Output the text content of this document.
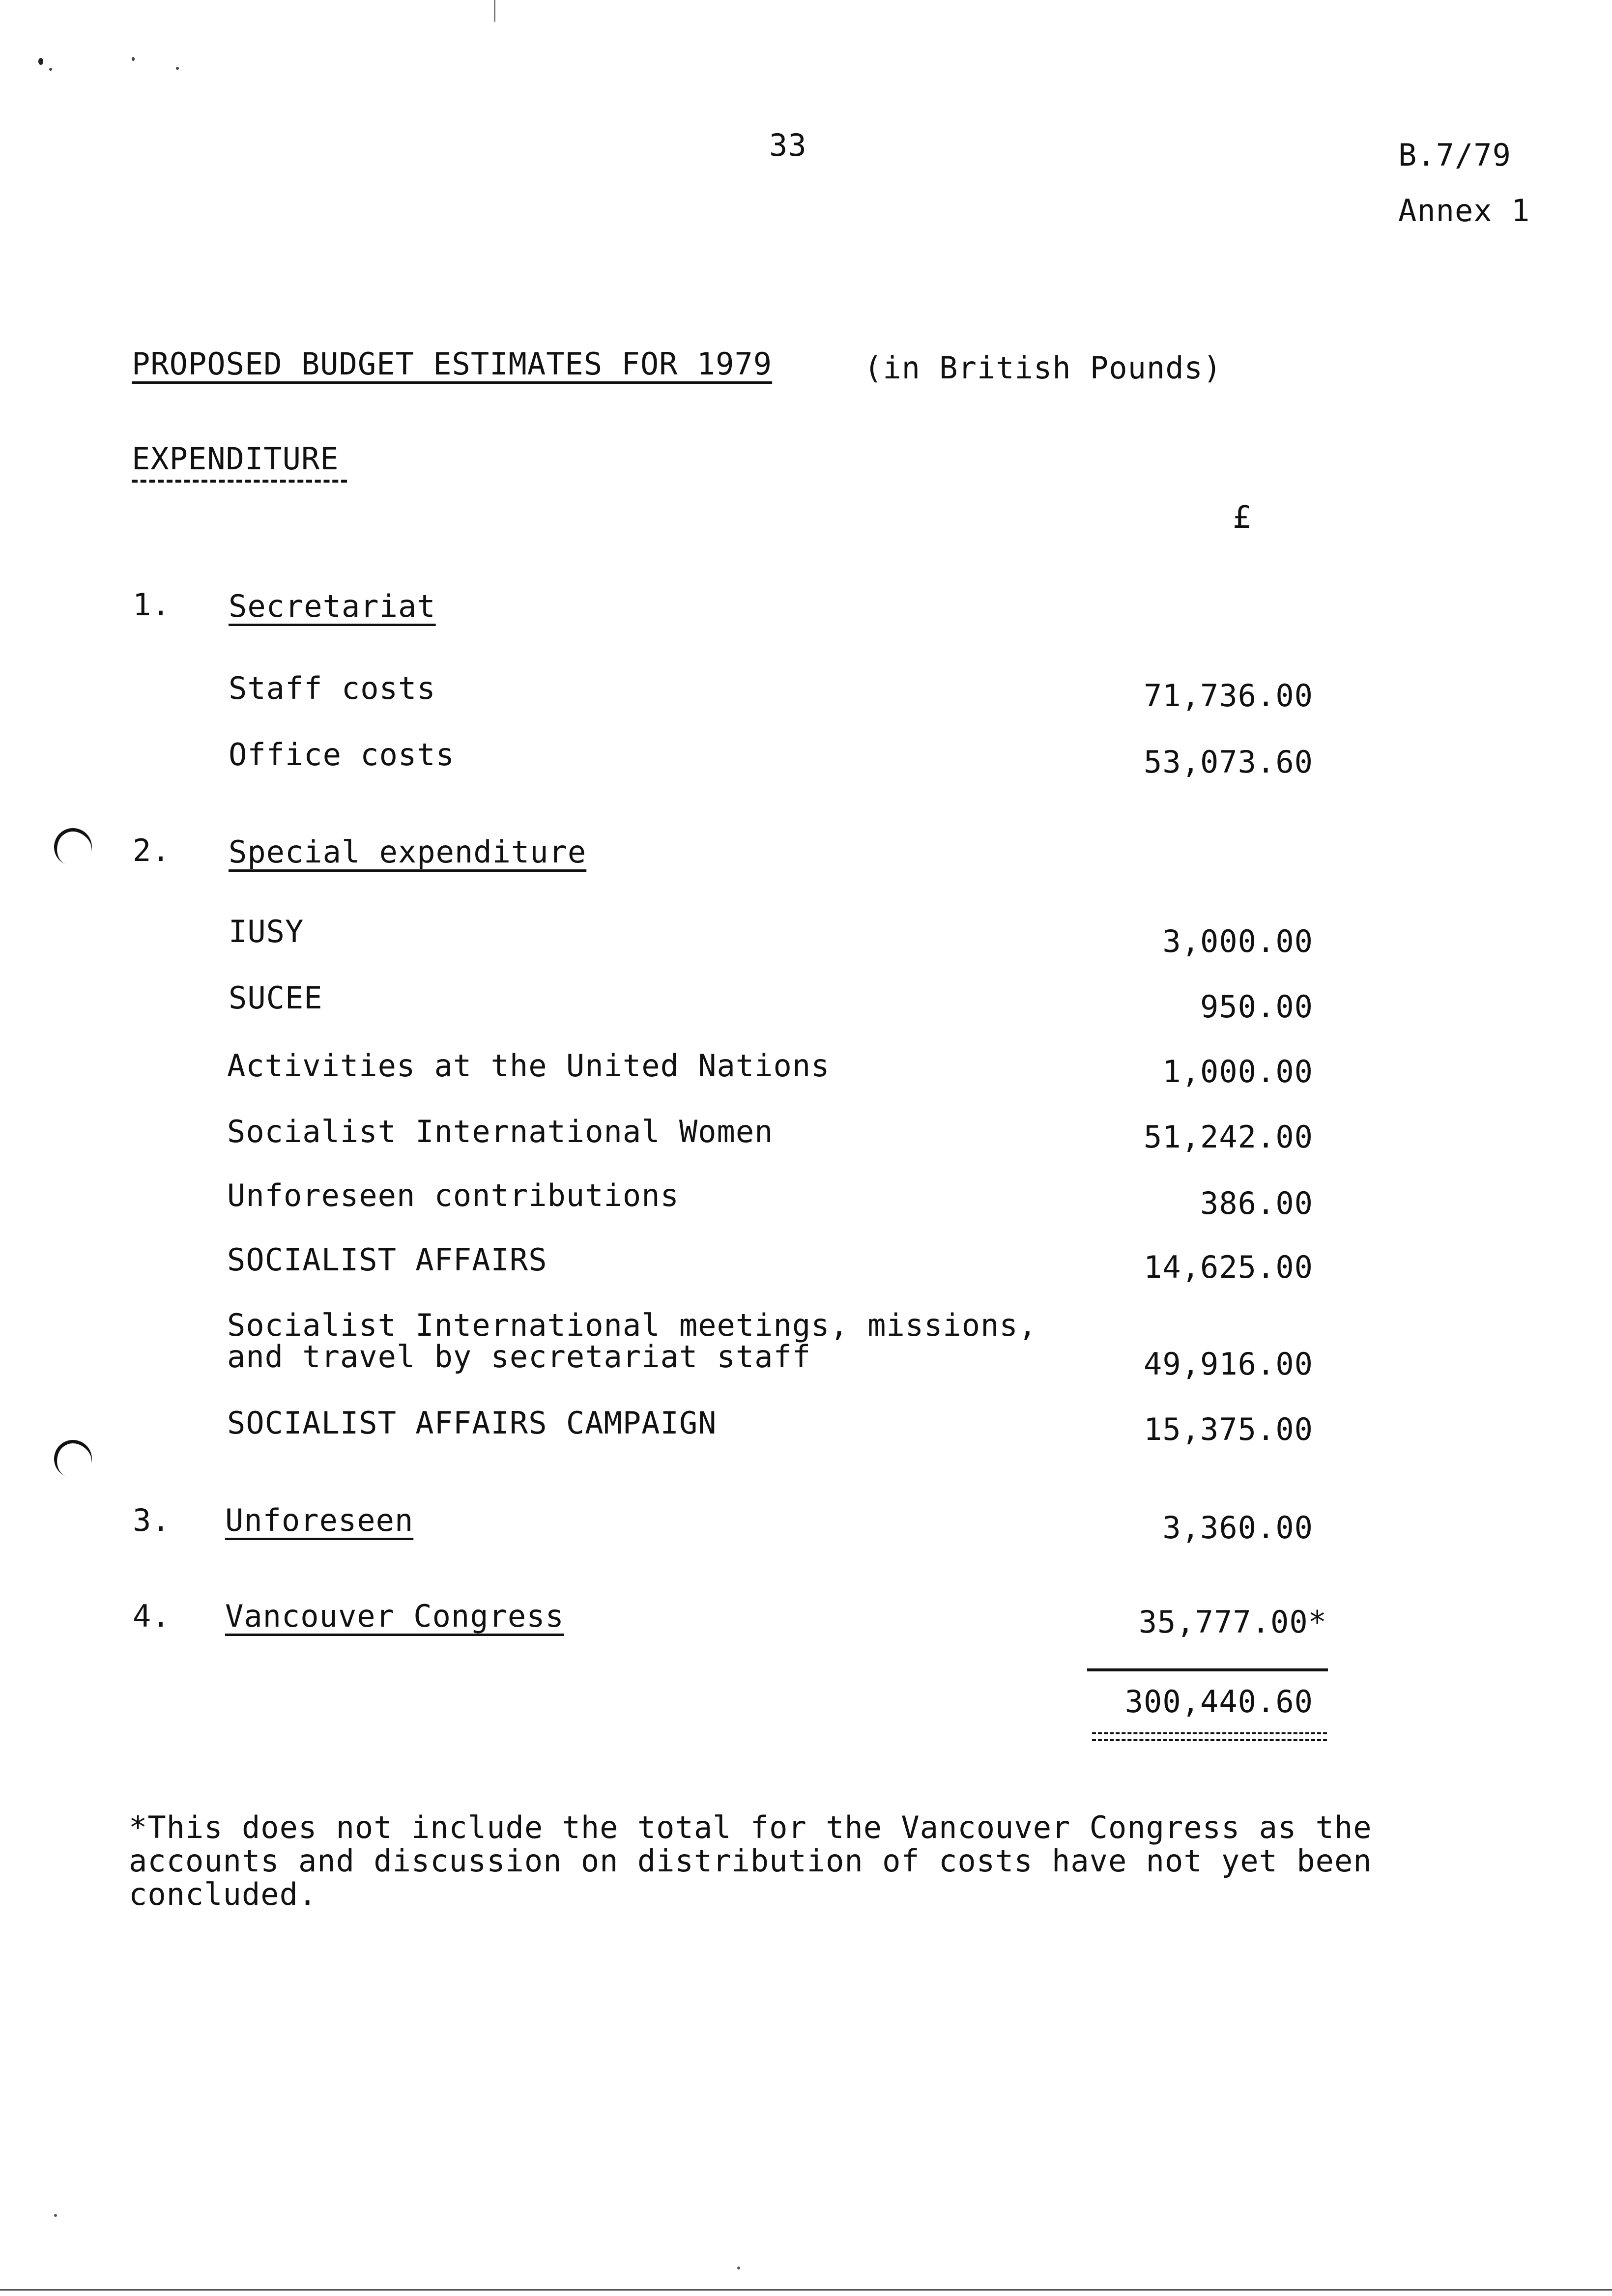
33	B.7/79
Annex 1
PROPOSED BUDGET ESTIMATES FOR 1979	(in British Pounds)
EXPENDITURE
£
1. Secretariat
Staff costs	71,736.00
Office costs	53,073.60
2. Special expenditure
IUSY	3,000.00
SUCEE	950.00
Activities at the United Nations	1,000.00
Socialist International Women	51,242.00
Unforeseen contributions	386.00
SOCIALIST AFFAIRS	14,625.00
Socialist International meetings, missions,
and travel by secretariat staff	49,916.00
SOCIALIST AFFAIRS CAMPAIGN	15,375.00
3. Unforeseen	3,360.00
4. Vancouver Congress	35,777.00*
300,440.60
*This does not include the total for the Vancouver Congress as the accounts and discussion on distribution of costs have not yet been concluded.
